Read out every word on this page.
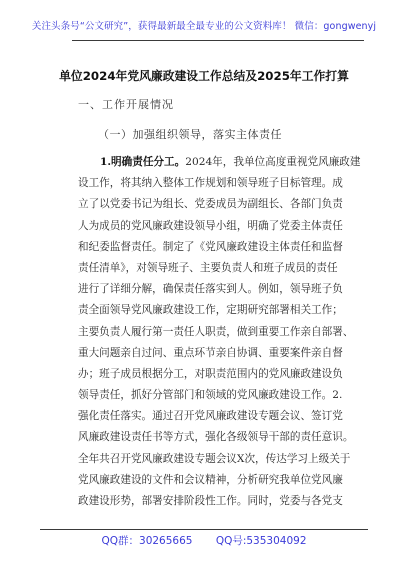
关注头条号“公文研究”，获得最新最全最专业的公文资料库！ 微信：gongwenyj
单位2024年党风廉政建设工作总结及2025年工作打算
一、工作开展情况
（一）加强组织领导，落实主体责任
1.明确责任分工。2024年，我单位高度重视党风廉政建
设工作，将其纳入整体工作规划和领导班子目标管理。成
立了以党委书记为组长、党委成员为副组长、各部门负责
人为成员的党风廉政建设领导小组，明确了党委主体责任
和纪委监督责任。制定了《党风廉政建设主体责任和监督
责任清单》，对领导班子、主要负责人和班子成员的责任
进行了详细分解，确保责任落实到人。例如，领导班子负
责全面领导党风廉政建设工作，定期研究部署相关工作；
主要负责人履行第一责任人职责，做到重要工作亲自部署、
重大问题亲自过问、重点环节亲自协调、重要案件亲自督
办；班子成员根据分工，对职责范围内的党风廉政建设负
领导责任，抓好分管部门和领域的党风廉政建设工作。2.
强化责任落实。通过召开党风廉政建设专题会议、签订党
风廉政建设责任书等方式，强化各级领导干部的责任意识。
全年共召开党风廉政建设专题会议X次，传达学习上级关于
党风廉政建设的文件和会议精神，分析研究我单位党风廉
政建设形势，部署安排阶段性工作。同时，党委与各党支
QQ群：30265665 QQ号:535304092
